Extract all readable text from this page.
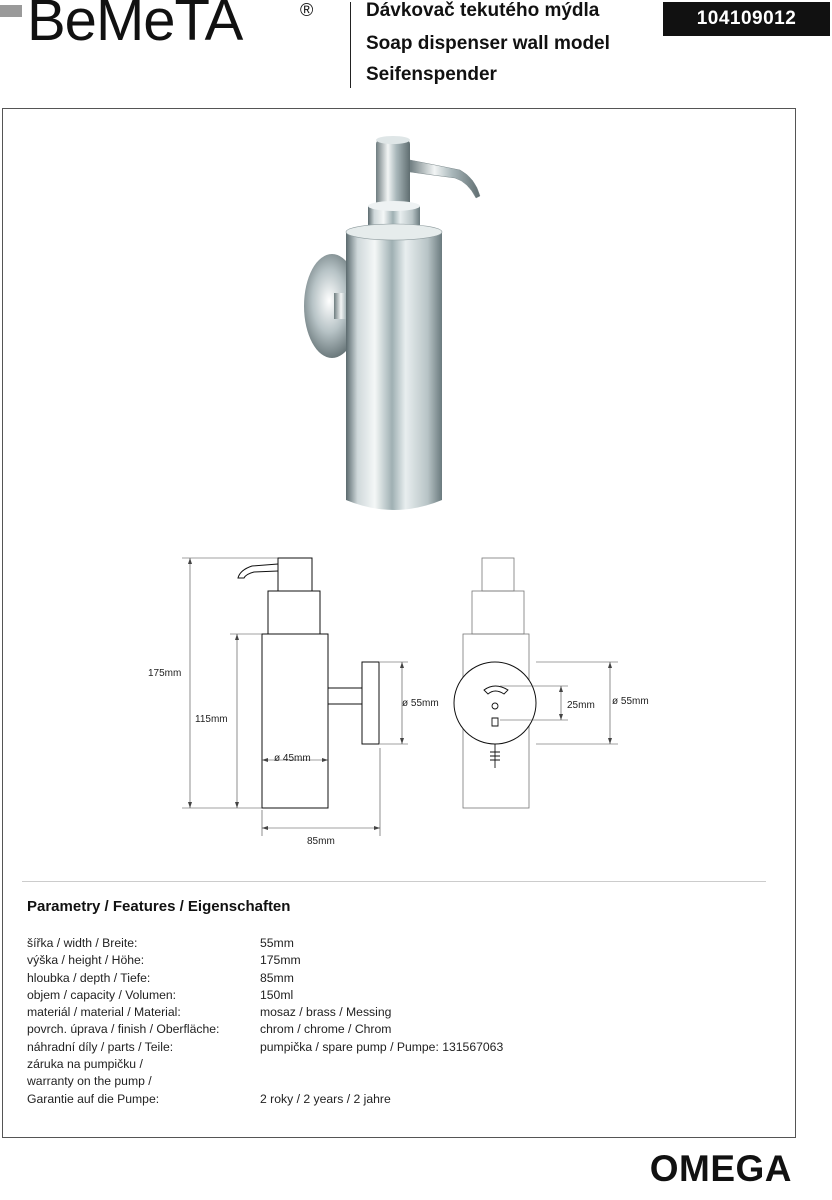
BeMeTA	®	Dávkovač tekutého mýdla
Soap dispenser wall model
Seifenspender
104109012
175mm
115mm
ø 45mm
85mm
ø 55mm	25mm ø 55mm
Parametry / Features / Eigenschaften
šířka / width / Breite:	55mm
výška / height / Höhe:	175mm
hloubka / depth / Tiefe:	85mm
objem / capacity / Volumen:	150ml
materiál / material / Material:	mosaz / brass / Messing
povrch. úprava / finish / Oberfläche:	chrom / chrome / Chrom
náhradní díly / parts / Teile:	pumpička / spare pump / Pumpe: 131567063
záruka na pumpičku /
warranty on the pump /
Garantie auf die Pumpe:	2 roky / 2 years / 2 jahre
OMEGA
